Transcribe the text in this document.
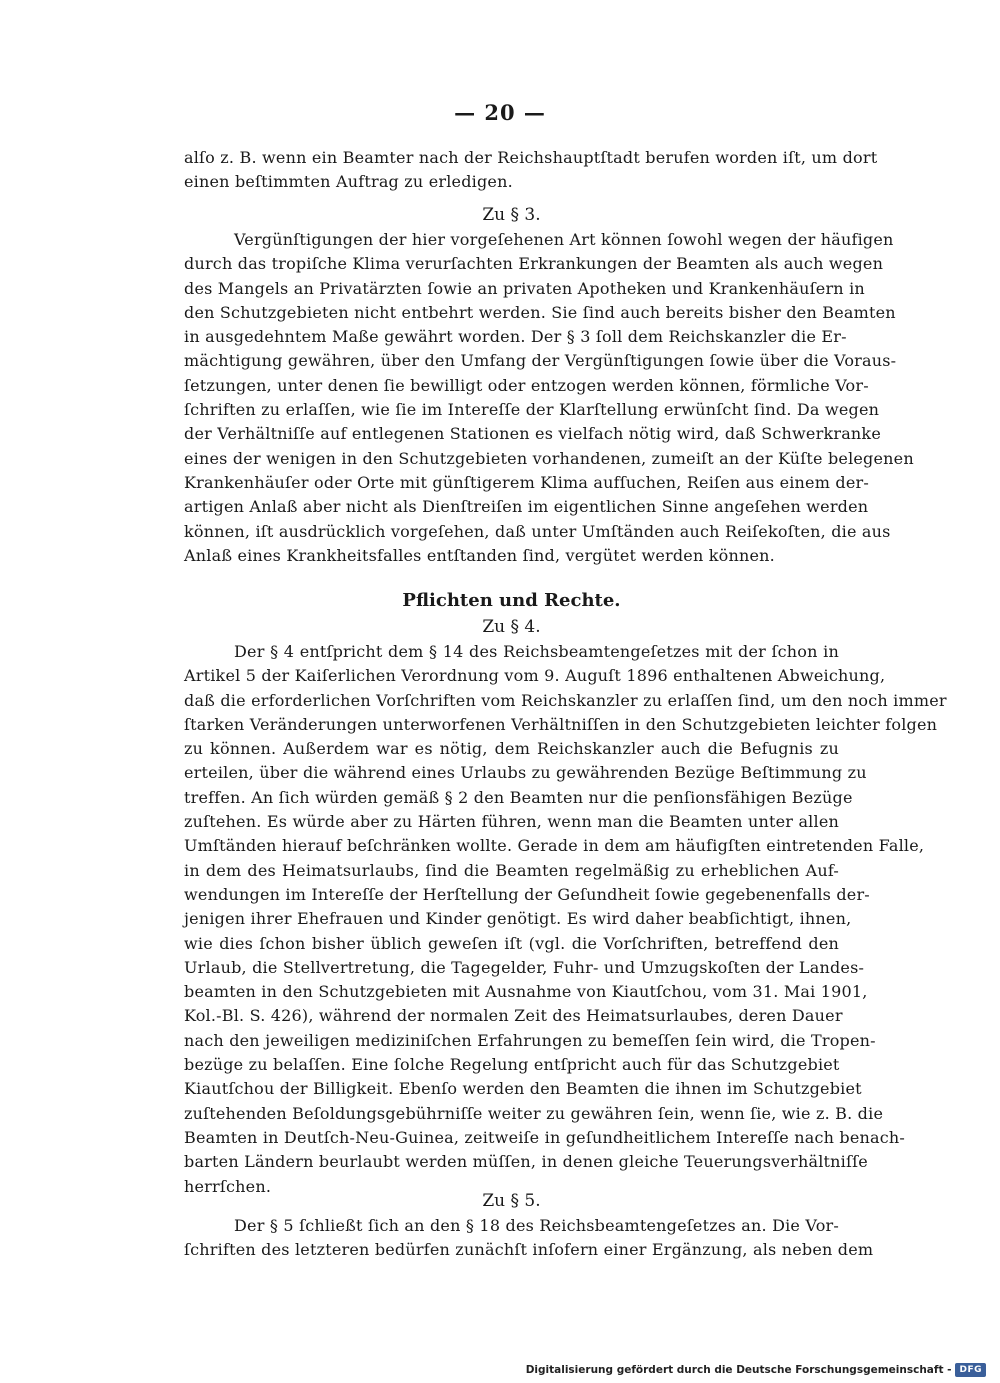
— 20 —
alſo z. B. wenn ein Beamter nach der Reichshauptſtadt berufen worden iſt, um dort
einen beſtimmten Auftrag zu erledigen.
Zu § 3.
Vergünſtigungen der hier vorgeſehenen Art können ſowohl wegen der häufigen
durch das tropiſche Klima verurſachten Erkrankungen der Beamten als auch wegen
des Mangels an Privatärzten ſowie an privaten Apotheken und Krankenhäuſern in
den Schutzgebieten nicht entbehrt werden. Sie ſind auch bereits bisher den Beamten
in ausgedehntem Maße gewährt worden. Der § 3 ſoll dem Reichskanzler die Er-
mächtigung gewähren, über den Umfang der Vergünſtigungen ſowie über die Voraus-
ſetzungen, unter denen ſie bewilligt oder entzogen werden können, förmliche Vor-
ſchriften zu erlaſſen, wie ſie im Intereſſe der Klarſtellung erwünſcht ſind. Da wegen
der Verhältniſſe auf entlegenen Stationen es vielfach nötig wird, daß Schwerkranke
eines der wenigen in den Schutzgebieten vorhandenen, zumeiſt an der Küſte belegenen
Krankenhäuſer oder Orte mit günſtigerem Klima aufſuchen, Reiſen aus einem der-
artigen Anlaß aber nicht als Dienſtreiſen im eigentlichen Sinne angeſehen werden
können, iſt ausdrücklich vorgeſehen, daß unter Umſtänden auch Reiſekoſten, die aus
Anlaß eines Krankheitsfalles entſtanden ſind, vergütet werden können.
Pflichten und Rechte.
Zu § 4.
Der § 4 entſpricht dem § 14 des Reichsbeamtengeſetzes mit der ſchon in
Artikel 5 der Kaiſerlichen Verordnung vom 9. Auguſt 1896 enthaltenen Abweichung,
daß die erforderlichen Vorſchriften vom Reichskanzler zu erlaſſen ſind, um den noch immer
ſtarken Veränderungen unterworfenen Verhältniſſen in den Schutzgebieten leichter folgen
zu können. Außerdem war es nötig, dem Reichskanzler auch die Befugnis zu
erteilen, über die während eines Urlaubs zu gewährenden Bezüge Beſtimmung zu
treffen. An ſich würden gemäß § 2 den Beamten nur die penſionsfähigen Bezüge
zuſtehen. Es würde aber zu Härten führen, wenn man die Beamten unter allen
Umſtänden hierauf beſchränken wollte. Gerade in dem am häufigſten eintretenden Falle,
in dem des Heimatsurlaubs, ſind die Beamten regelmäßig zu erheblichen Auf-
wendungen im Intereſſe der Herſtellung der Geſundheit ſowie gegebenenfalls der-
jenigen ihrer Ehefrauen und Kinder genötigt. Es wird daher beabſichtigt, ihnen,
wie dies ſchon bisher üblich geweſen iſt (vgl. die Vorſchriften, betreffend den
Urlaub, die Stellvertretung, die Tagegelder, Fuhr- und Umzugskoſten der Landes-
beamten in den Schutzgebieten mit Ausnahme von Kiautſchou, vom 31. Mai 1901,
Kol.-Bl. S. 426), während der normalen Zeit des Heimatsurlaubes, deren Dauer
nach den jeweiligen mediziniſchen Erfahrungen zu bemeſſen ſein wird, die Tropen-
bezüge zu belaſſen. Eine ſolche Regelung entſpricht auch für das Schutzgebiet
Kiautſchou der Billigkeit. Ebenſo werden den Beamten die ihnen im Schutzgebiet
zuſtehenden Beſoldungsgebührniſſe weiter zu gewähren ſein, wenn ſie, wie z. B. die
Beamten in Deutſch-Neu-Guinea, zeitweiſe in geſundheitlichem Intereſſe nach benach-
barten Ländern beurlaubt werden müſſen, in denen gleiche Teuerungsverhältniſſe
herrſchen.
Zu § 5.
Der § 5 ſchließt ſich an den § 18 des Reichsbeamtengeſetzes an. Die Vor-
ſchriften des letzteren bedürfen zunächſt inſofern einer Ergänzung, als neben dem
Digitalisierung gefördert durch die Deutsche Forschungsgemeinschaft - DFG
